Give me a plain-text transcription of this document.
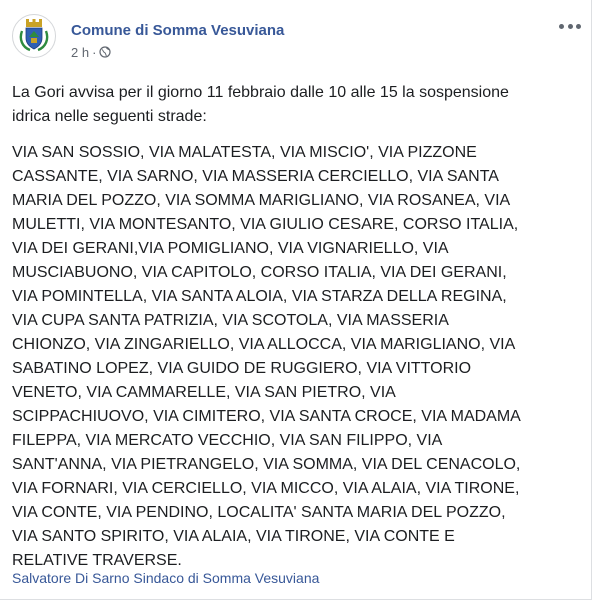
Comune di Somma Vesuviana
2 h ·

La Gori avvisa per il giorno 11 febbraio dalle 10 alle 15 la sospensione
idrica nelle seguenti strade:

VIA SAN SOSSIO, VIA MALATESTA, VIA MISCIO', VIA PIZZONE
CASSANTE, VIA SARNO, VIA MASSERIA CERCIELLO, VIA SANTA
MARIA DEL POZZO, VIA SOMMA MARIGLIANO, VIA ROSANEA, VIA
MULETTI, VIA MONTESANTO, VIA GIULIO CESARE, CORSO ITALIA,
VIA DEI GERANI,VIA POMIGLIANO, VIA VIGNARIELLO, VIA
MUSCIABUONO, VIA CAPITOLO, CORSO ITALIA, VIA DEI GERANI,
VIA POMINTELLA, VIA SANTA ALOIA, VIA STARZA DELLA REGINA,
VIA CUPA SANTA PATRIZIA, VIA SCOTOLA, VIA MASSERIA
CHIONZO, VIA ZINGARIELLO, VIA ALLOCCA, VIA MARIGLIANO, VIA
SABATINO LOPEZ, VIA GUIDO DE RUGGIERO, VIA VITTORIO
VENETO, VIA CAMMARELLE, VIA SAN PIETRO, VIA
SCIPPACHIUOVO, VIA CIMITERO, VIA SANTA CROCE, VIA MADAMA
FILEPPA, VIA MERCATO VECCHIO, VIA SAN FILIPPO, VIA
SANT'ANNA, VIA PIETRANGELO, VIA SOMMA, VIA DEL CENACOLO,
VIA FORNARI, VIA CERCIELLO, VIA MICCO, VIA ALAIA, VIA TIRONE,
VIA CONTE, VIA PENDINO, LOCALITA' SANTA MARIA DEL POZZO,
VIA SANTO SPIRITO, VIA ALAIA, VIA TIRONE, VIA CONTE E
RELATIVE TRAVERSE.

Salvatore Di Sarno Sindaco di Somma Vesuviana
